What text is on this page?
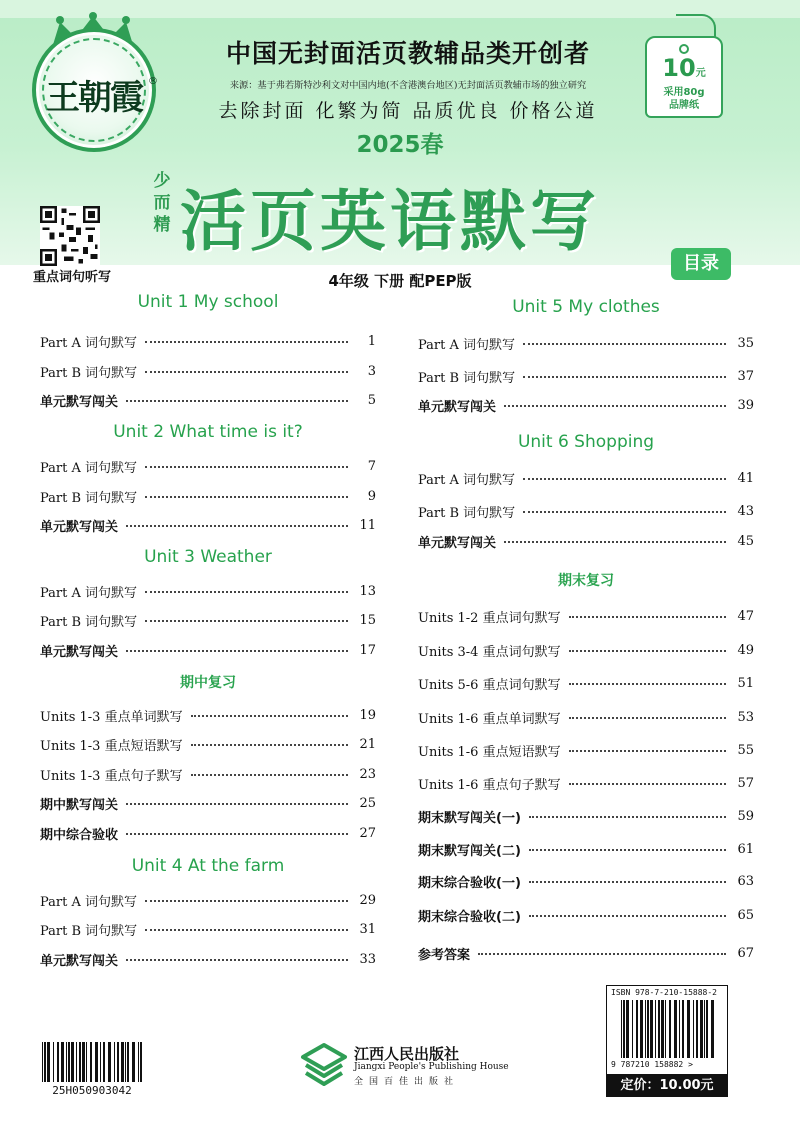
王朝霞 ®
中国无封面活页教辅品类开创者
来源：基于弗若斯特沙利文对中国内地(不含港澳台地区)无封面活页教辅市场的独立研究
去除封面 化繁为简 品质优良 价格公道
2025春
10元
采用80g
品牌纸
重点词句听写
少
而
精 活页英语默写
4年级 下册 配PEP版
目录
Unit 1 My school
Part A 词句默写	1
Part B 词句默写	3
单元默写闯关	5
Unit 2 What time is it?
Part A 词句默写	7
Part B 词句默写	9
单元默写闯关	11
Unit 3 Weather
Part A 词句默写	13
Part B 词句默写	15
单元默写闯关	17
期中复习
Units 1-3 重点单词默写	19
Units 1-3 重点短语默写	21
Units 1-3 重点句子默写	23
期中默写闯关	25
期中综合验收	27
Unit 4 At the farm
Part A 词句默写	29
Part B 词句默写	31
单元默写闯关	33
Unit 5 My clothes
Part A 词句默写	35
Part B 词句默写	37
单元默写闯关	39
Unit 6 Shopping
Part A 词句默写	41
Part B 词句默写	43
单元默写闯关	45
期末复习
Units 1-2 重点词句默写	47
Units 3-4 重点词句默写	49
Units 5-6 重点词句默写	51
Units 1-6 重点单词默写	53
Units 1-6 重点短语默写	55
Units 1-6 重点句子默写	57
期末默写闯关(一)	59
期末默写闯关(二)	61
期末综合验收(一)	63
期末综合验收(二)	65
参考答案	67
25H050903042
江西人民出版社
Jiangxi People's Publishing House
全国百佳出版社
ISBN 978-7-210-15888-2
9 787210 158882 >
定价：10.00元
